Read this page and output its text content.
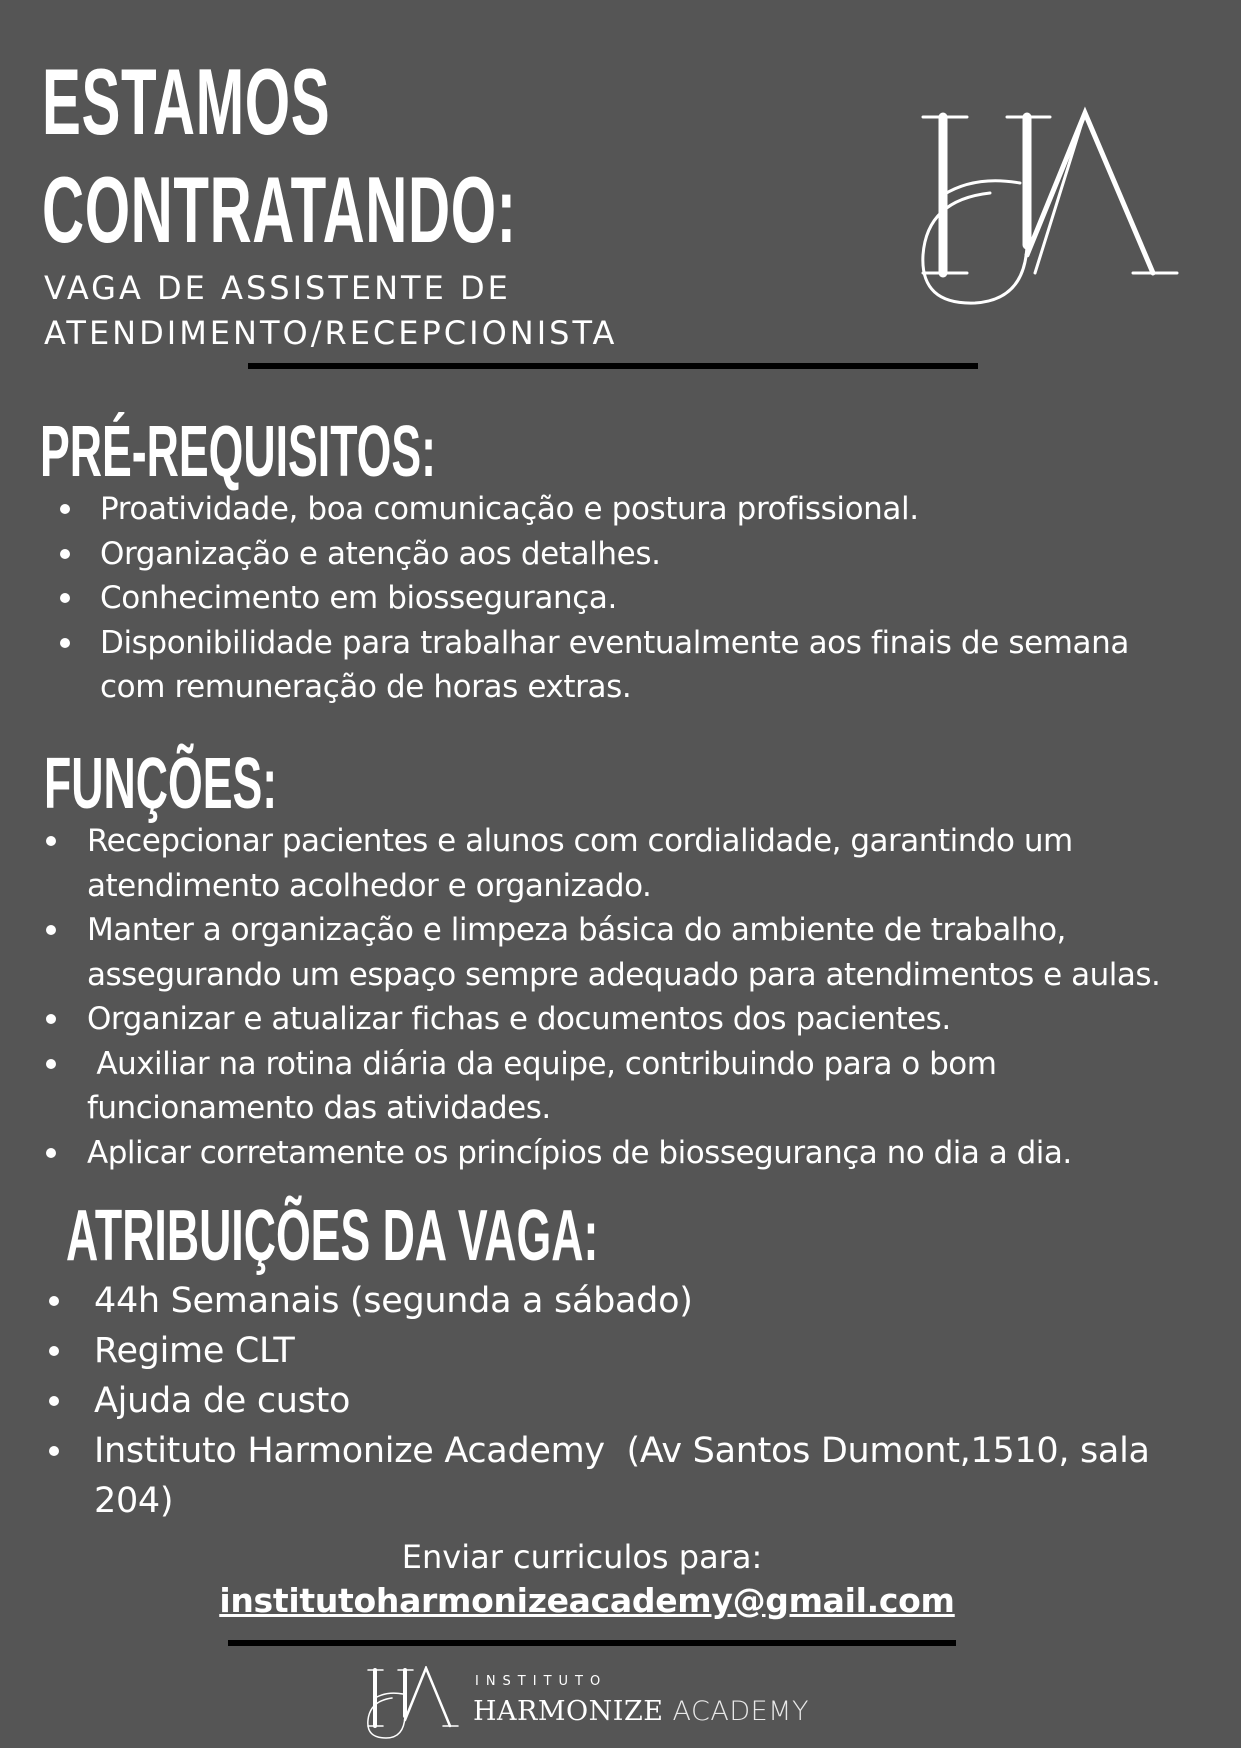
ESTAMOS

CONTRATANDO:

VAGA DE ASSISTENTE DE

ATENDIMENTO/RECEPCIONISTA

PRÉ-REQUISITOS:

Proatividade, boa comunicação e postura profissional.
Organização e atenção aos detalhes.
Conhecimento em biossegurança.
Disponibilidade para trabalhar eventualmente aos finais de semana com remuneração de horas extras.

FUNÇÕES:

Recepcionar pacientes e alunos com cordialidade, garantindo um atendimento acolhedor e organizado.
Manter a organização e limpeza básica do ambiente de trabalho, assegurando um espaço sempre adequado para atendimentos e aulas.
Organizar e atualizar fichas e documentos dos pacientes.
Auxiliar na rotina diária da equipe, contribuindo para o bom funcionamento das atividades.
Aplicar corretamente os princípios de biossegurança no dia a dia.

ATRIBUIÇÕES DA VAGA:

44h Semanais (segunda a sábado)
Regime CLT
Ajuda de custo
Instituto Harmonize Academy  (Av Santos Dumont,1510, sala 204)
Enviar curriculos para:
institutoharmonizeacademy@gmail.com
INSTITUTO
HARMONIZE ACADEMY
